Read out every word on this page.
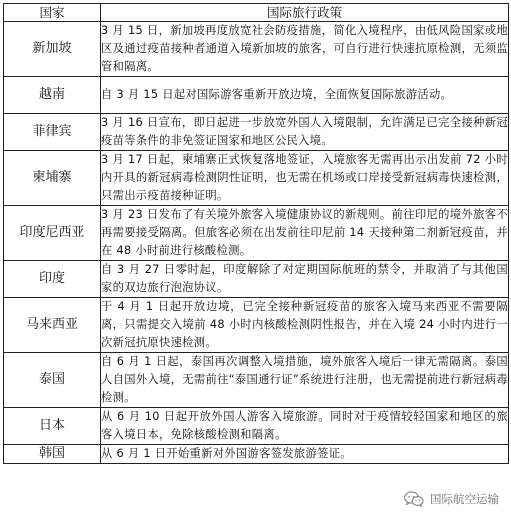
国家	国际旅行政策
新加坡	3 月 15 日，新加坡再度放宽社会防疫措施，简化入境程序，由低风险国家或地区及通过疫苗接种者通道入境新加坡的旅客，可自行进行快速抗原检测，无须监管和隔离。
越南	自 3 月 15 日起对国际游客重新开放边境，全面恢复国际旅游活动。
菲律宾	3 月 16 日宣布，即日起进一步放宽外国人入境限制，允许满足已完全接种新冠疫苗等条件的非免签证国家和地区公民入境。
柬埔寨	3 月 17 日起，柬埔寨正式恢复落地签证，入境旅客无需再出示出发前 72 小时内开具的新冠病毒检测阴性证明，也无需在机场或口岸接受新冠病毒快速检测，只需出示疫苗接种证明。
印度尼西亚	3 月 23 日发布了有关境外旅客入境健康协议的新规则。前往印尼的境外旅客不再需要接受隔离。但旅客必须在出发前往印尼前 14 天接种第二剂新冠疫苗，并在 48 小时前进行核酸检测。
印度	自 3 月 27 日零时起，印度解除了对定期国际航班的禁令，并取消了与其他国家的双边旅行泡泡协议。
马来西亚	于 4 月 1 日起开放边境，已完全接种新冠疫苗的旅客入境马来西亚不需要隔离，只需提交入境前 48 小时内核酸检测阴性报告，并在入境 24 小时内进行一次新冠抗原快速检测。
泰国	自 6 月 1 日起，泰国再次调整入境措施，境外旅客入境后一律无需隔离。泰国人自国外入境，无需前往“泰国通行证”系统进行注册，也无需提前进行新冠病毒检测。
日本	从 6 月 10 日起开放外国人游客入境旅游。同时对于疫情较轻国家和地区的旅客入境日本，免除核酸检测和隔离。
韩国	从 6 月 1 日开始重新对外国游客签发旅游签证。
国际航空运输
